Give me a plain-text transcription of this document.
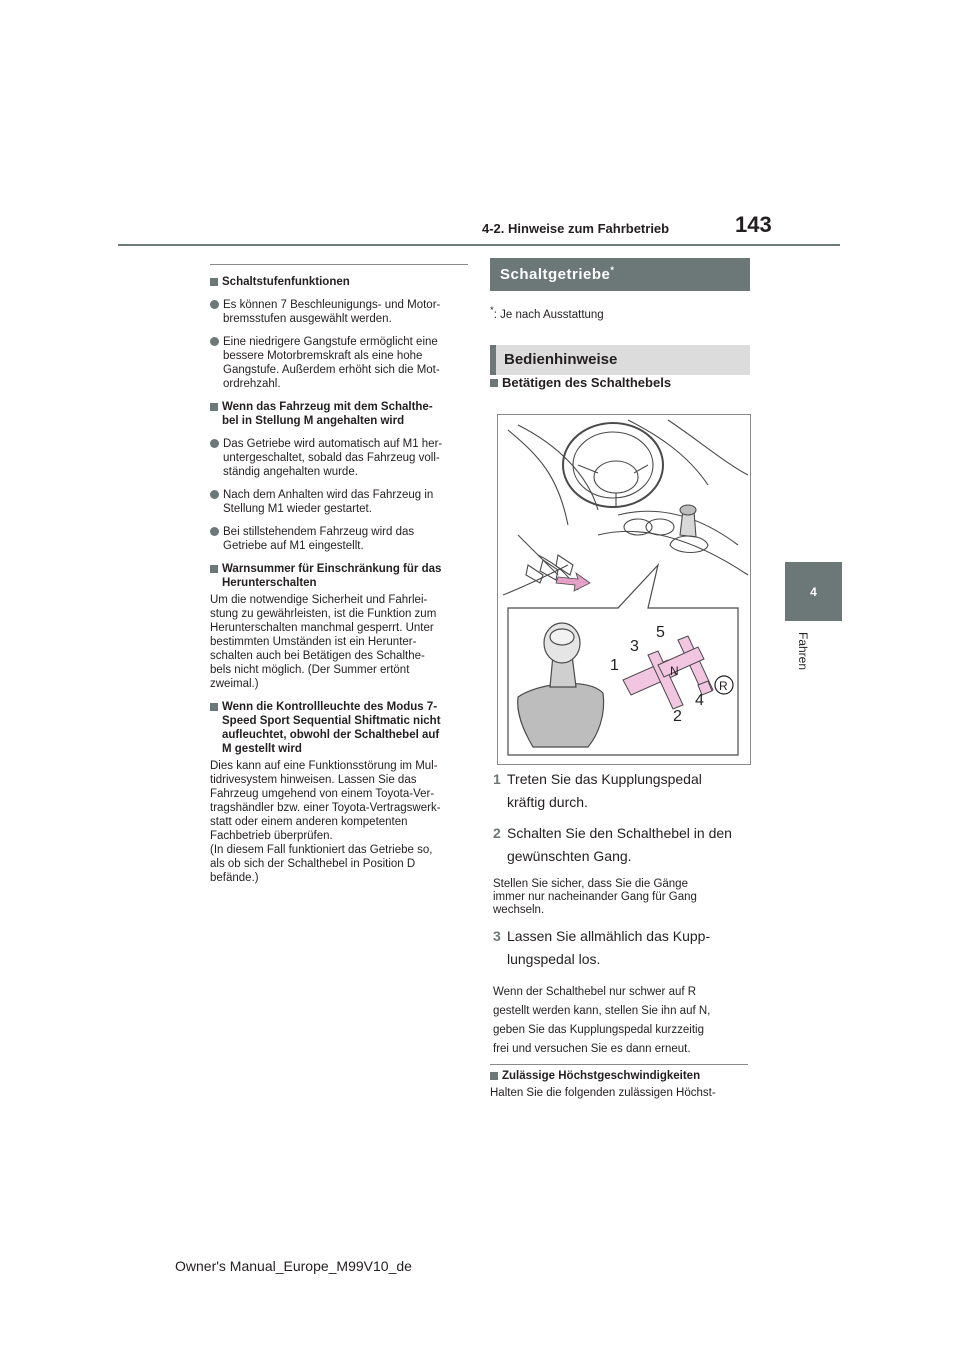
143
4-2. Hinweise zum Fahrbetrieb
4
Fahren
Schaltstufenfunktionen
Es können 7 Beschleunigungs- und Motor-
bremsstufen ausgewählt werden.
Eine niedrigere Gangstufe ermöglicht eine
bessere Motorbremskraft als eine hohe
Gangstufe. Außerdem erhöht sich die Mot-
ordrehzahl.
Wenn das Fahrzeug mit dem Schalthe-
bel in Stellung M angehalten wird
Das Getriebe wird automatisch auf M1 her-
untergeschaltet, sobald das Fahrzeug voll-
ständig angehalten wurde.
Nach dem Anhalten wird das Fahrzeug in
Stellung M1 wieder gestartet.
Bei stillstehendem Fahrzeug wird das
Getriebe auf M1 eingestellt.
Warnsummer für Einschränkung für das
Herunterschalten
Um die notwendige Sicherheit und Fahrlei-
stung zu gewährleisten, ist die Funktion zum
Herunterschalten manchmal gesperrt. Unter
bestimmten Umständen ist ein Herunter-
schalten auch bei Betätigen des Schalthe-
bels nicht möglich. (Der Summer ertönt
zweimal.)
Wenn die Kontrollleuchte des Modus 7-
Speed Sport Sequential Shiftmatic nicht
aufleuchtet, obwohl der Schalthebel auf
M gestellt wird
Dies kann auf eine Funktionsstörung im Mul-
tidrivesystem hinweisen. Lassen Sie das
Fahrzeug umgehend von einem Toyota-Ver-
tragshändler bzw. einer Toyota-Vertragswerk-
statt oder einem anderen kompetenten
Fachbetrieb überprüfen.
(In diesem Fall funktioniert das Getriebe so,
als ob sich der Schalthebel in Position D
befände.)
Schaltgetriebe*
*: Je nach Ausstattung
Bedienhinweise
Betätigen des Schalthebels
1
3
5
N
2
4
R
1 Treten Sie das Kupplungspedal
kräftig durch.
2 Schalten Sie den Schalthebel in den
gewünschten Gang.
Stellen Sie sicher, dass Sie die Gänge
immer nur nacheinander Gang für Gang
wechseln.
3 Lassen Sie allmählich das Kupp-
lungspedal los.
Wenn der Schalthebel nur schwer auf R
gestellt werden kann, stellen Sie ihn auf N,
geben Sie das Kupplungspedal kurzzeitig
frei und versuchen Sie es dann erneut.
Zulässige Höchstgeschwindigkeiten
Halten Sie die folgenden zulässigen Höchst-
Owner's Manual_Europe_M99V10_de
